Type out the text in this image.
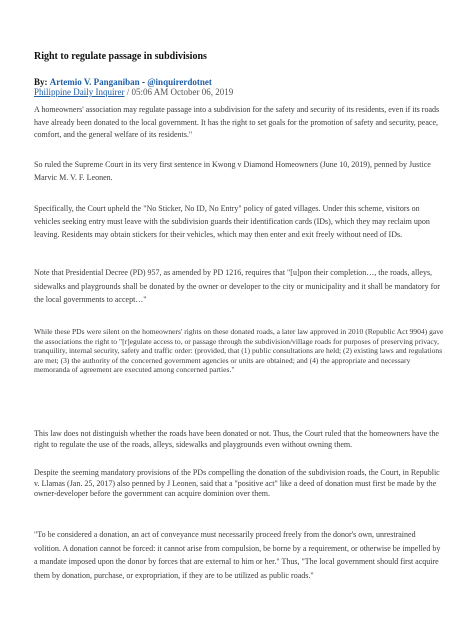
Right to regulate passage in subdivisions
By: Artemio V. Panganiban - @inquirerdotnet
Philippine Daily Inquirer / 05:06 AM October 06, 2019

A homeowners' association may regulate passage into a subdivision for the safety and security of its residents, even if its roads have already been donated to the local government. It has the right to set goals for the promotion of safety and security, peace, comfort, and the general welfare of its residents."

So ruled the Supreme Court in its very first sentence in Kwong v Diamond Homeowners (June 10, 2019), penned by Justice Marvic M. V. F. Leonen.

Specifically, the Court upheld the "No Sticker, No ID, No Entry" policy of gated villages. Under this scheme, visitors on vehicles seeking entry must leave with the subdivision guards their identification cards (IDs), which they may reclaim upon leaving. Residents may obtain stickers for their vehicles, which may then enter and exit freely without need of IDs.

Note that Presidential Decree (PD) 957, as amended by PD 1216, requires that "[u]pon their completion…, the roads, alleys, sidewalks and playgrounds shall be donated by the owner or developer to the city or municipality and it shall be mandatory for the local governments to accept…"

While these PDs were silent on the homeowners' rights on these donated roads, a later law approved in 2010 (Republic Act 9904) gave the associations the right to "[r]egulate access to, or passage through the subdivision/village roads for purposes of preserving privacy, tranquility, internal security, safety and traffic order: (provided, that (1) public consultations are held; (2) existing laws and regulations are met; (3) the authority of the concerned government agencies or units are obtained; and (4) the appropriate and necessary memoranda of agreement are executed among concerned parties."

This law does not distinguish whether the roads have been donated or not. Thus, the Court ruled that the homeowners have the right to regulate the use of the roads, alleys, sidewalks and playgrounds even without owning them.

Despite the seeming mandatory provisions of the PDs compelling the donation of the subdivision roads, the Court, in Republic v. Llamas (Jan. 25, 2017) also penned by J Leonen, said that a "positive act" like a deed of donation must first be made by the owner-developer before the government can acquire dominion over them.

"To be considered a donation, an act of conveyance must necessarily proceed freely from the donor's own, unrestrained volition. A donation cannot be forced: it cannot arise from compulsion, be borne by a requirement, or otherwise be impelled by a mandate imposed upon the donor by forces that are external to him or her." Thus, "The local government should first acquire them by donation, purchase, or expropriation, if they are to be utilized as public roads."
